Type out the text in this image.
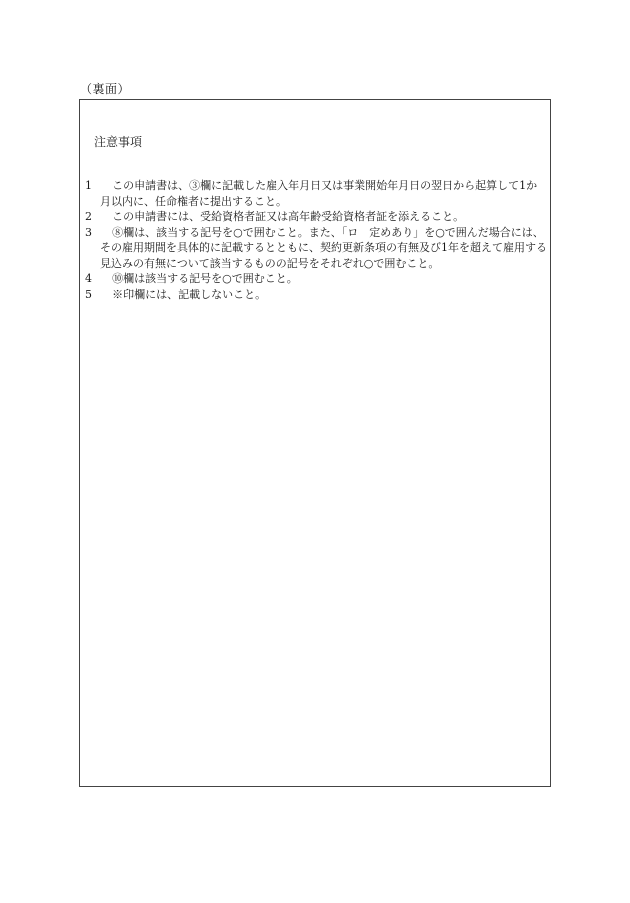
（裏面）
注意事項
1	この申請書は、③欄に記載した雇入年月日又は事業開始年月日の翌日から起算して1か月以内に、任命権者に提出すること。
2	この申請書には、受給資格者証又は高年齢受給資格者証を添えること。
3	⑧欄は、該当する記号を○で囲むこと。また、「ロ　定めあり」を○で囲んだ場合には、その雇用期間を具体的に記載するとともに、契約更新条項の有無及び1年を超えて雇用する見込みの有無について該当するものの記号をそれぞれ○で囲むこと。
4	⑩欄は該当する記号を○で囲むこと。
5	※印欄には、記載しないこと。
